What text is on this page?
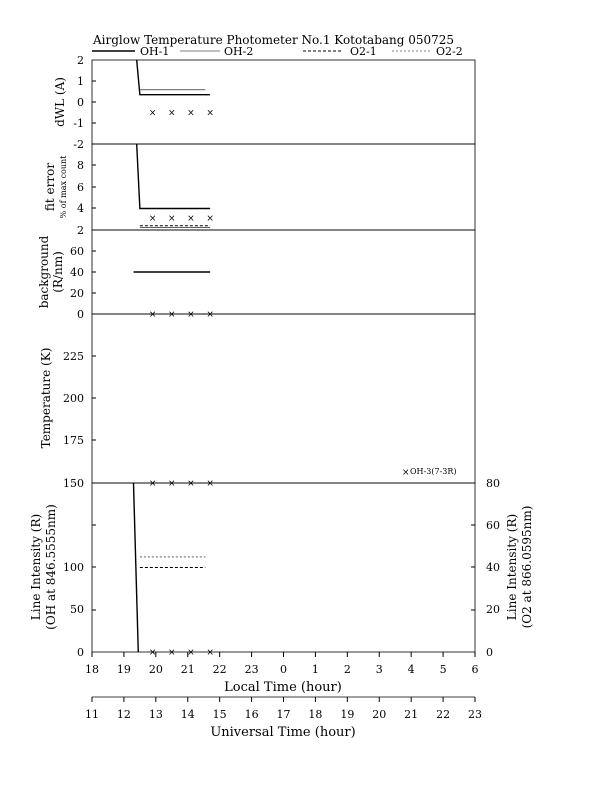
Airglow Temperature Photometer No.1 Kototabang 050725
OH-1	OH-2	O2-1	O2-2
2
1
0
-1
-2
dWL (A)
8
6
4
2
fit error % of max count
60
40
20
0
background (R/nm)
225
200
175
Temperature (K)
× OH-3(7-3R)
150
100
50
0
Line Intensity (R) (OH at 846.5555nm)
80
60
40
20
0
Line Intensity (R) (O2 at 866.0595nm)
18 19 20 21 22 23 0 1 2 3 4 5 6
Local Time (hour)
11 12 13 14 15 16 17 18 19 20 21 22 23
Universal Time (hour)
× × × ×
× × × ×
× × × ×
× × × ×
× × × ×
